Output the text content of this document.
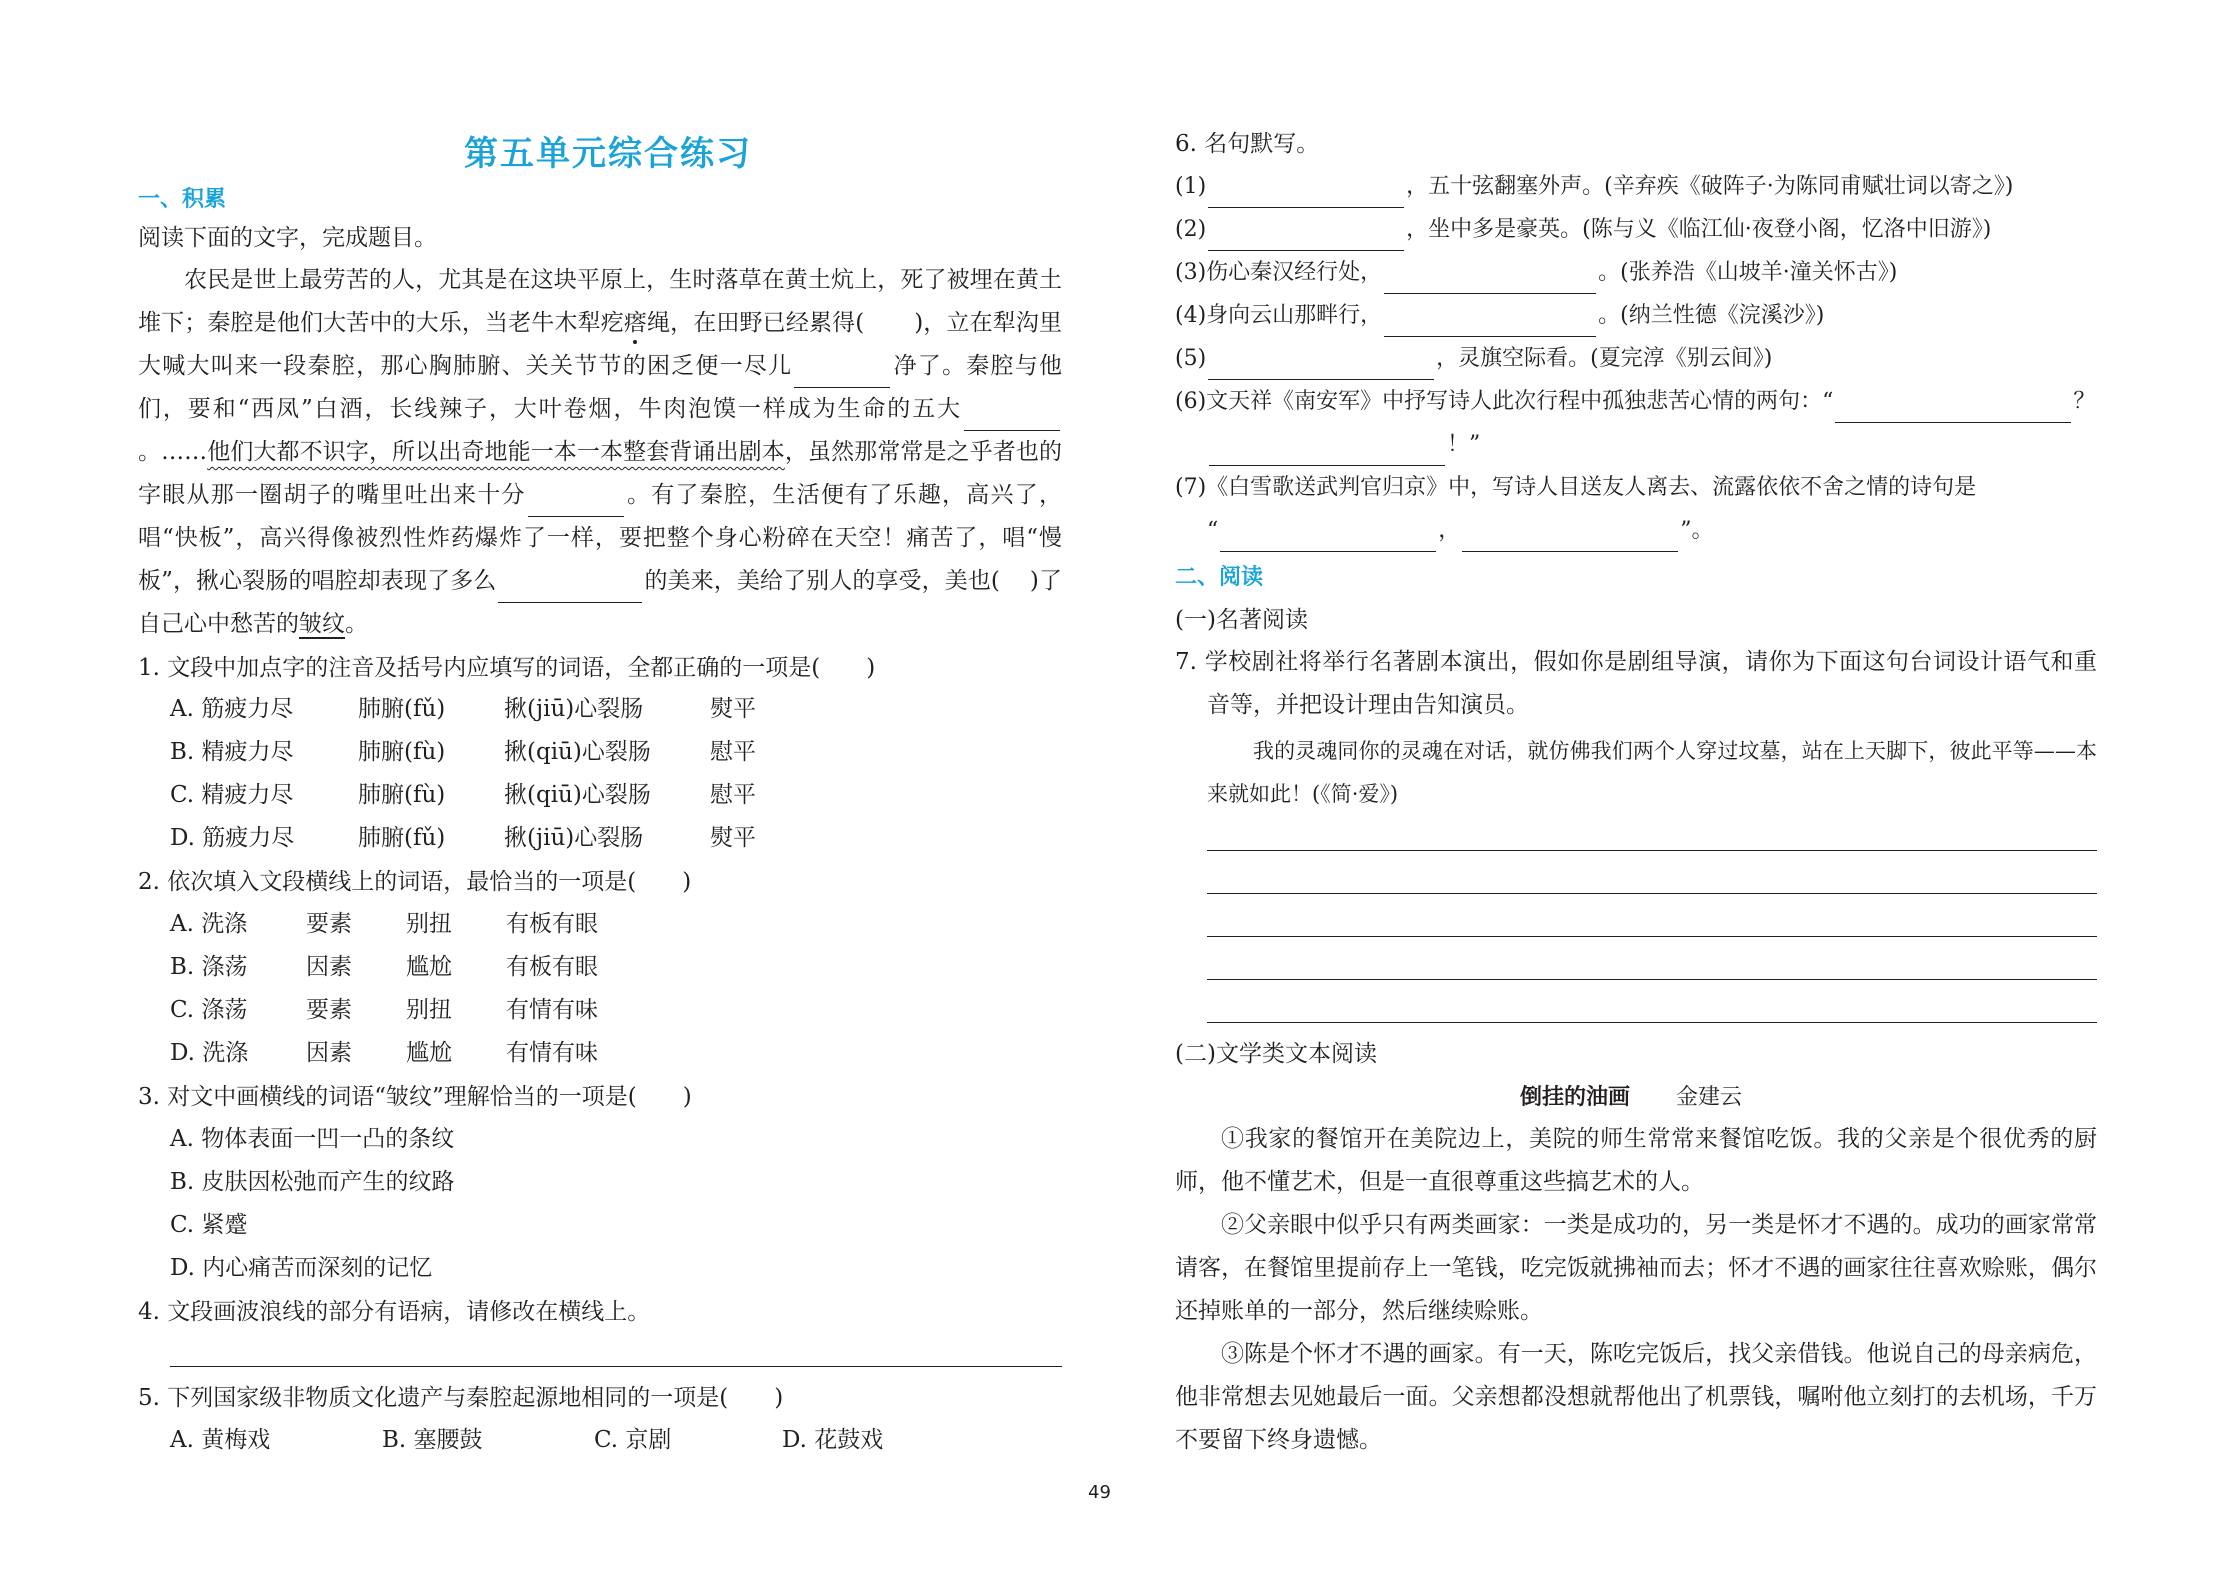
第五单元综合练习
一、积累
阅读下面的文字，完成题目。

农民是世上最劳苦的人，尤其是在这块平原上，生时落草在黄土炕上，死了被埋在黄土堆下；秦腔是他们大苦中的大乐，当老牛木犁疙瘩绳，在田野已经累得( )，立在犁沟里大喊大叫来一段秦腔，那心胸肺腑、关关节节的困乏便一尽儿	净了。秦腔与他们，要和“西凤”白酒，长线辣子，大叶卷烟，牛肉泡馍一样成为生命的五大。……他们大都不识字，所以出奇地能一本一本整套背诵出剧本，虽然那常常是之乎者也的字眼从那一圈胡子的嘴里吐出来十分	。有了秦腔，生活便有了乐趣，高兴了，唱“快板”，高兴得像被烈性炸药爆炸了一样，要把整个身心粉碎在天空！痛苦了，唱“慢板”，揪心裂肠的唱腔却表现了多么	的美来，美给了别人的享受，美也( )了自己心中愁苦的皱纹。

1. 文段中加点字的注音及括号内应填写的词语，全都正确的一项是(　　)
A. 筋疲力尽	肺腑(fǔ)	揪(jiū)心裂肠	熨平
B. 精疲力尽	肺腑(fù)	揪(qiū)心裂肠	慰平
C. 精疲力尽	肺腑(fù)	揪(qiū)心裂肠	慰平
D. 筋疲力尽	肺腑(fǔ)	揪(jiū)心裂肠	熨平
2. 依次填入文段横线上的词语，最恰当的一项是(　　)
A. 洗涤	要素 别扭 有板有眼
B. 涤荡	因素 尴尬 有板有眼
C. 涤荡	要素 别扭 有情有味
D. 洗涤	因素 尴尬 有情有味
3. 对文中画横线的词语“皱纹”理解恰当的一项是(　　)
A. 物体表面一凹一凸的条纹
B. 皮肤因松弛而产生的纹路
C. 紧蹙
D. 内心痛苦而深刻的记忆
4. 文段画波浪线的部分有语病，请修改在横线上。
5. 下列国家级非物质文化遗产与秦腔起源地相同的一项是(　　)
A. 黄梅戏	B. 塞腰鼓	C. 京剧	D. 花鼓戏
6. 名句默写。
(1)	，五十弦翻塞外声。(辛弃疾《破阵子·为陈同甫赋壮词以寄之》)
(2)	，坐中多是豪英。(陈与义《临江仙·夜登小阁，忆洛中旧游》)
(3)伤心秦汉经行处，	。(张养浩《山坡羊·潼关怀古》)
(4)身向云山那畔行，	。(纳兰性德《浣溪沙》)
(5)	，灵旗空际看。(夏完淳《别云间》)
(6)文天祥《南安军》中抒写诗人此次行程中孤独悲苦心情的两句：“	？
！”
(7)《白雪歌送武判官归京》中，写诗人目送友人离去、流露依依不舍之情的诗句是
“	，	”。
二、阅读
(一)名著阅读

7. 学校剧社将举行名著剧本演出，假如你是剧组导演，请你为下面这句台词设计语气和重音等，并把设计理由告知演员。

我的灵魂同你的灵魂在对话，就仿佛我们两个人穿过坟墓，站在上天脚下，彼此平等——本来就如此！(《简·爱》)

(二)文学类文本阅读
倒挂的油画 金建云

①我家的餐馆开在美院边上，美院的师生常常来餐馆吃饭。我的父亲是个很优秀的厨师，他不懂艺术，但是一直很尊重这些搞艺术的人。

②父亲眼中似乎只有两类画家：一类是成功的，另一类是怀才不遇的。成功的画家常常请客，在餐馆里提前存上一笔钱，吃完饭就拂袖而去；怀才不遇的画家往往喜欢赊账，偶尔还掉账单的一部分，然后继续赊账。

③陈是个怀才不遇的画家。有一天，陈吃完饭后，找父亲借钱。他说自己的母亲病危，他非常想去见她最后一面。父亲想都没想就帮他出了机票钱，嘱咐他立刻打的去机场，千万不要留下终身遗憾。

49
